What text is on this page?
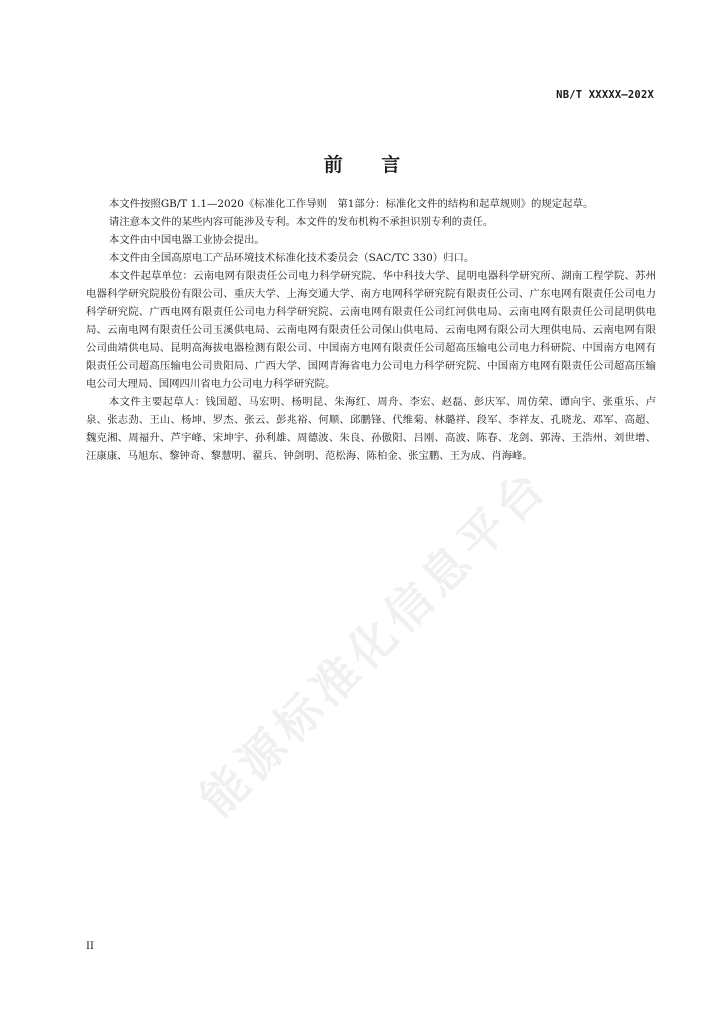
NB/T XXXXX—202X
前 言

本文件按照GB/T 1.1—2020《标准化工作导则　第1部分：标准化文件的结构和起草规则》的规定起草。

请注意本文件的某些内容可能涉及专利。本文件的发布机构不承担识别专利的责任。

本文件由中国电器工业协会提出。

本文件由全国高原电工产品环境技术标准化技术委员会（SAC/TC 330）归口。

本文件起草单位：云南电网有限责任公司电力科学研究院、华中科技大学、昆明电器科学研究所、湖南工程学院、苏州电器科学研究院股份有限公司、重庆大学、上海交通大学、南方电网科学研究院有限责任公司、广东电网有限责任公司电力科学研究院、广西电网有限责任公司电力科学研究院、云南电网有限责任公司红河供电局、云南电网有限责任公司昆明供电局、云南电网有限责任公司玉溪供电局、云南电网有限责任公司保山供电局、云南电网有限公司大理供电局、云南电网有限公司曲靖供电局、昆明高海拔电器检测有限公司、中国南方电网有限责任公司超高压输电公司电力科研院、中国南方电网有限责任公司超高压输电公司贵阳局、广西大学、国网青海省电力公司电力科学研究院、中国南方电网有限责任公司超高压输电公司大理局、国网四川省电力公司电力科学研究院。

本文件主要起草人：钱国超、马宏明、杨明昆、朱海红、周舟、李宏、赵磊、彭庆军、周仿荣、谭向宇、张重乐、卢泉、张志劲、王山、杨坤、罗杰、张云、彭兆裕、何顺、邱鹏锋、代维菊、林璐祥、段军、李祥友、孔晓龙、邓军、高超、魏克湘、周福升、芦宇峰、宋坤宇、孙利雄、周德波、朱良、孙傲阳、吕刚、高波、陈春、龙剑、郭涛、王浩州、刘世增、汪康康、马旭东、黎钟奇、黎慧明、翟兵、钟剑明、范松海、陈柏金、张宝鹏、王为成、肖海峰。

能源标准化信息平台
II
